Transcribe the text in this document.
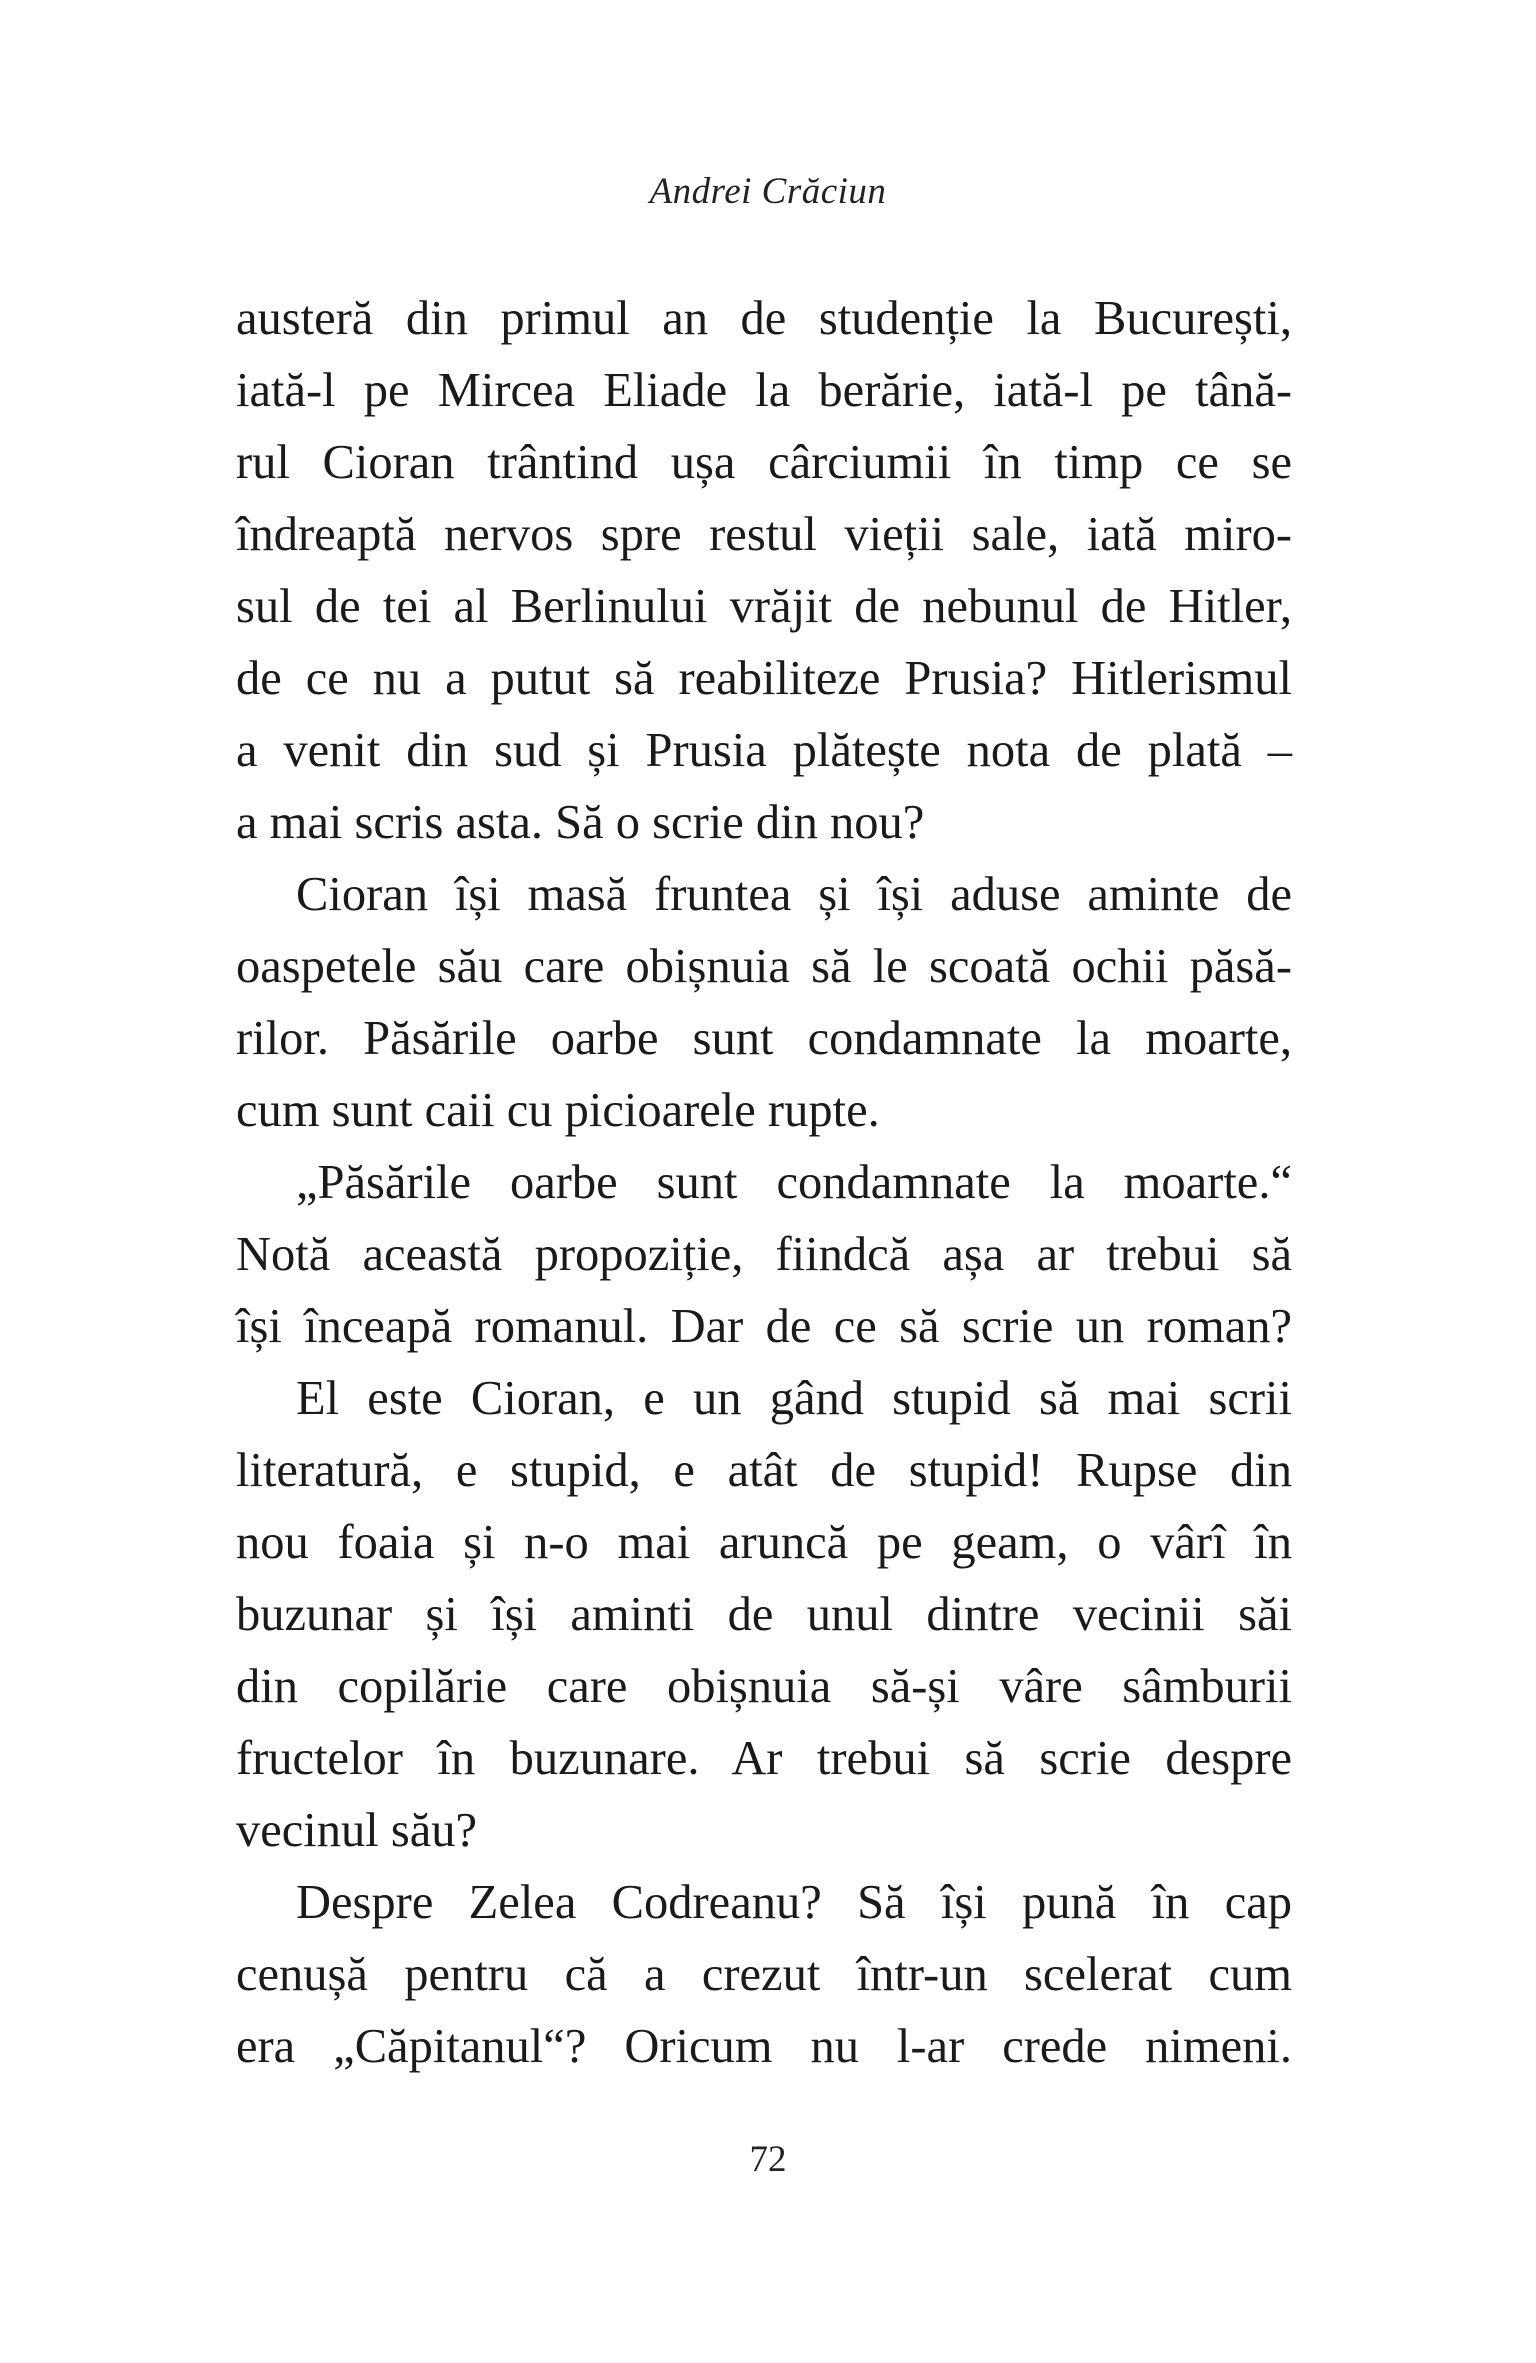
Andrei Crăciun
austeră din primul an de studenție la București,
iată-l pe Mircea Eliade la berărie, iată-l pe tână-
rul Cioran trântind ușa cârciumii în timp ce se
îndreaptă nervos spre restul vieții sale, iată miro-
sul de tei al Berlinului vrăjit de nebunul de Hitler,
de ce nu a putut să reabiliteze Prusia? Hitlerismul
a venit din sud și Prusia plătește nota de plată –
a mai scris asta. Să o scrie din nou?
Cioran își masă fruntea și își aduse aminte de
oaspetele său care obișnuia să le scoată ochii păsă-
rilor. Păsările oarbe sunt condamnate la moarte,
cum sunt caii cu picioarele rupte.
„Păsările oarbe sunt condamnate la moarte.“
Notă această propoziție, fiindcă așa ar trebui să
își înceapă romanul. Dar de ce să scrie un roman?
El este Cioran, e un gând stupid să mai scrii
literatură, e stupid, e atât de stupid! Rupse din
nou foaia și n-o mai aruncă pe geam, o vârî în
buzunar și își aminti de unul dintre vecinii săi
din copilărie care obișnuia să-și vâre sâmburii
fructelor în buzunare. Ar trebui să scrie despre
vecinul său?
Despre Zelea Codreanu? Să își pună în cap
cenușă pentru că a crezut într-un scelerat cum
era „Căpitanul“? Oricum nu l-ar crede nimeni.
72
